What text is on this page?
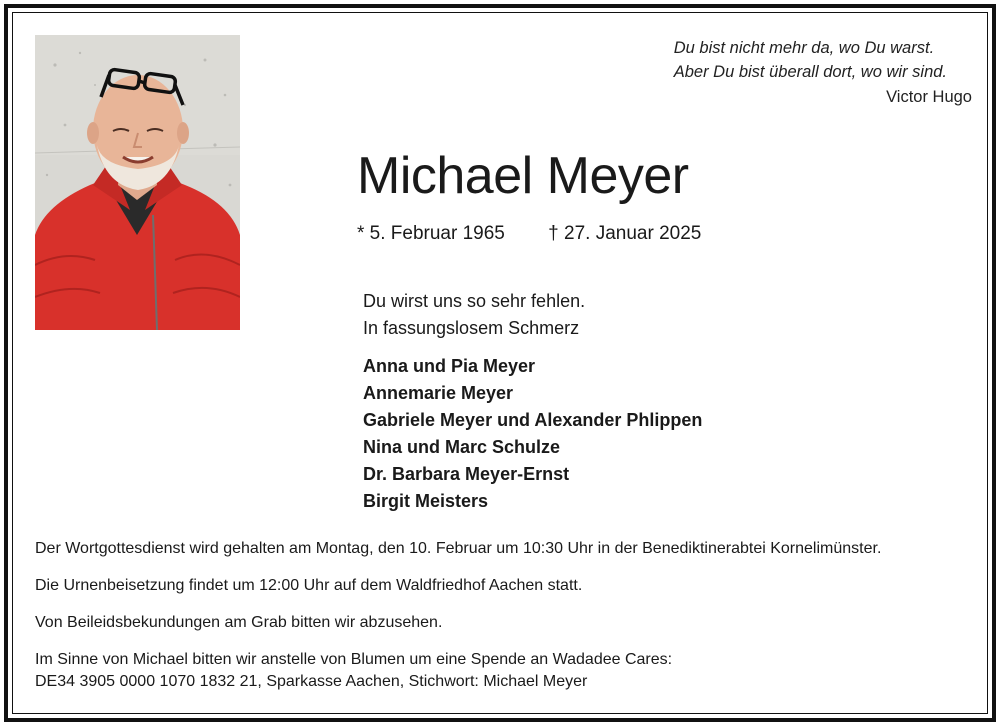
Du bist nicht mehr da, wo Du warst.
Aber Du bist überall dort, wo wir sind.
Victor Hugo
Michael Meyer
* 5. Februar 1965 † 27. Januar 2025
Du wirst uns so sehr fehlen.
In fassungslosem Schmerz
Anna und Pia Meyer
Annemarie Meyer
Gabriele Meyer und Alexander Phlippen
Nina und Marc Schulze
Dr. Barbara Meyer-Ernst
Birgit Meisters

Der Wortgottesdienst wird gehalten am Montag, den 10. Februar um 10:30 Uhr in der Benediktinerabtei Kornelimünster.

Die Urnenbeisetzung findet um 12:00 Uhr auf dem Waldfriedhof Aachen statt.

Von Beileidsbekundungen am Grab bitten wir abzusehen.

Im Sinne von Michael bitten wir anstelle von Blumen um eine Spende an Wadadee Cares:
DE34 3905 0000 1070 1832 21, Sparkasse Aachen, Stichwort: Michael Meyer
